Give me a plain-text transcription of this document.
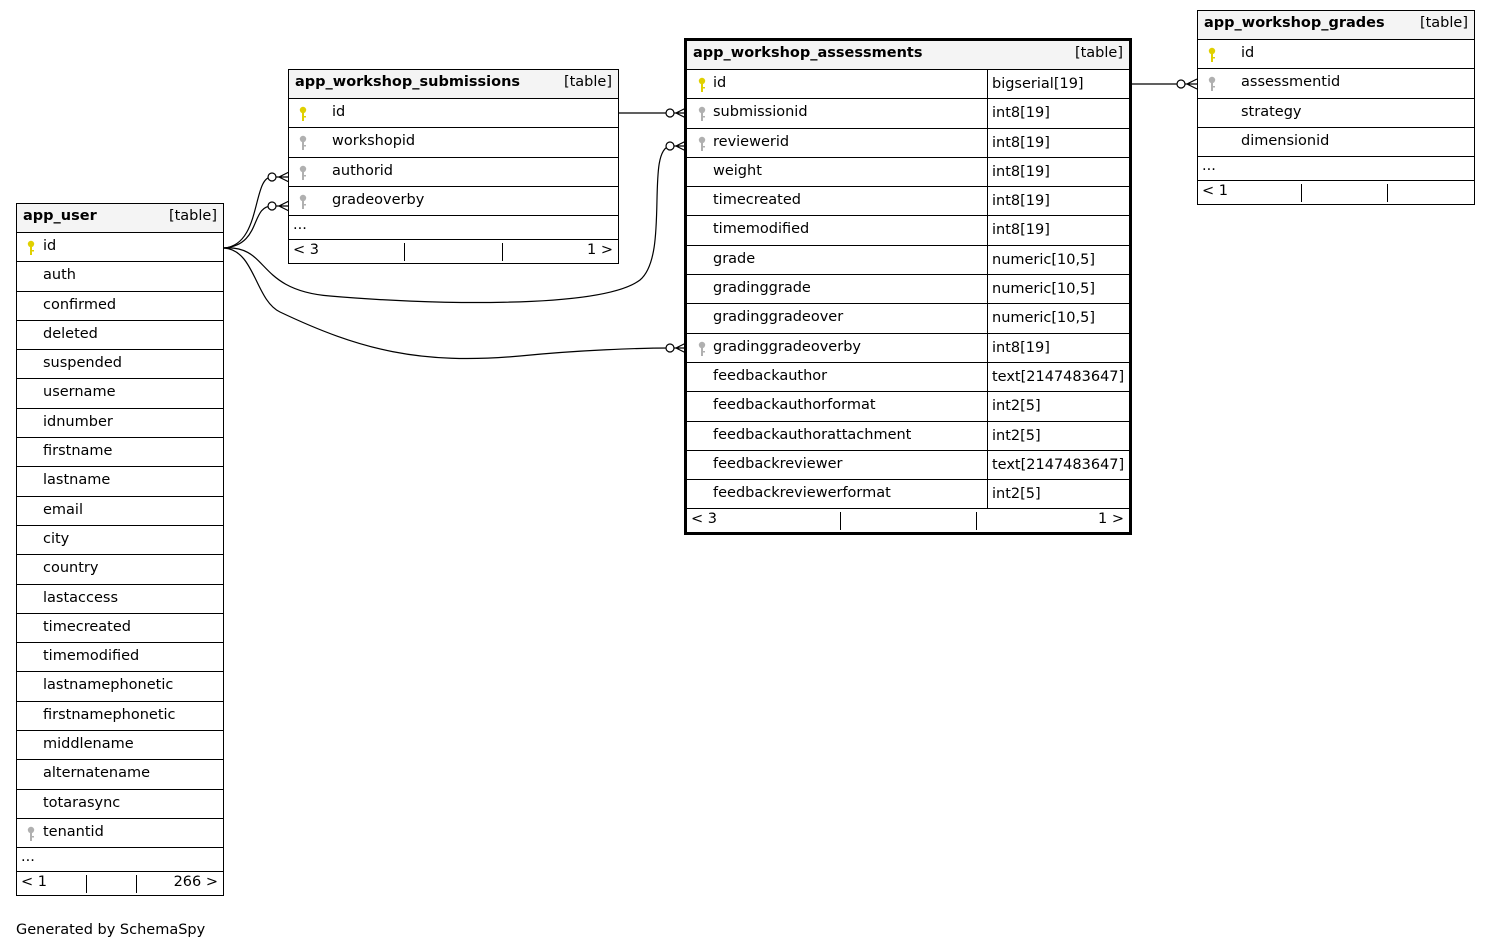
app_user	[table]
id
auth
confirmed
deleted
suspended
username
idnumber
firstname
lastname
email
city
country
lastaccess
timecreated
timemodified
lastnamephonetic
firstnamephonetic
middlename
alternatename
totarasync
tenantid
...
< 1	266 >
app_workshop_submissions	[table]
id
workshopid
authorid
gradeoverby
...
< 3	1 >
app_workshop_assessments	[table]
id	bigserial[19]
submissionid	int8[19]
reviewerid	int8[19]
weight	int8[19]
timecreated	int8[19]
timemodified	int8[19]
grade	numeric[10,5]
gradinggrade	numeric[10,5]
gradinggradeover	numeric[10,5]
gradinggradeoverby	int8[19]
feedbackauthor	text[2147483647]
feedbackauthorformat	int2[5]
feedbackauthorattachment	int2[5]
feedbackreviewer	text[2147483647]
feedbackreviewerformat	int2[5]
< 3	1 >
app_workshop_grades [table]
id
assessmentid
strategy
dimensionid
...
< 1
Generated by SchemaSpy
